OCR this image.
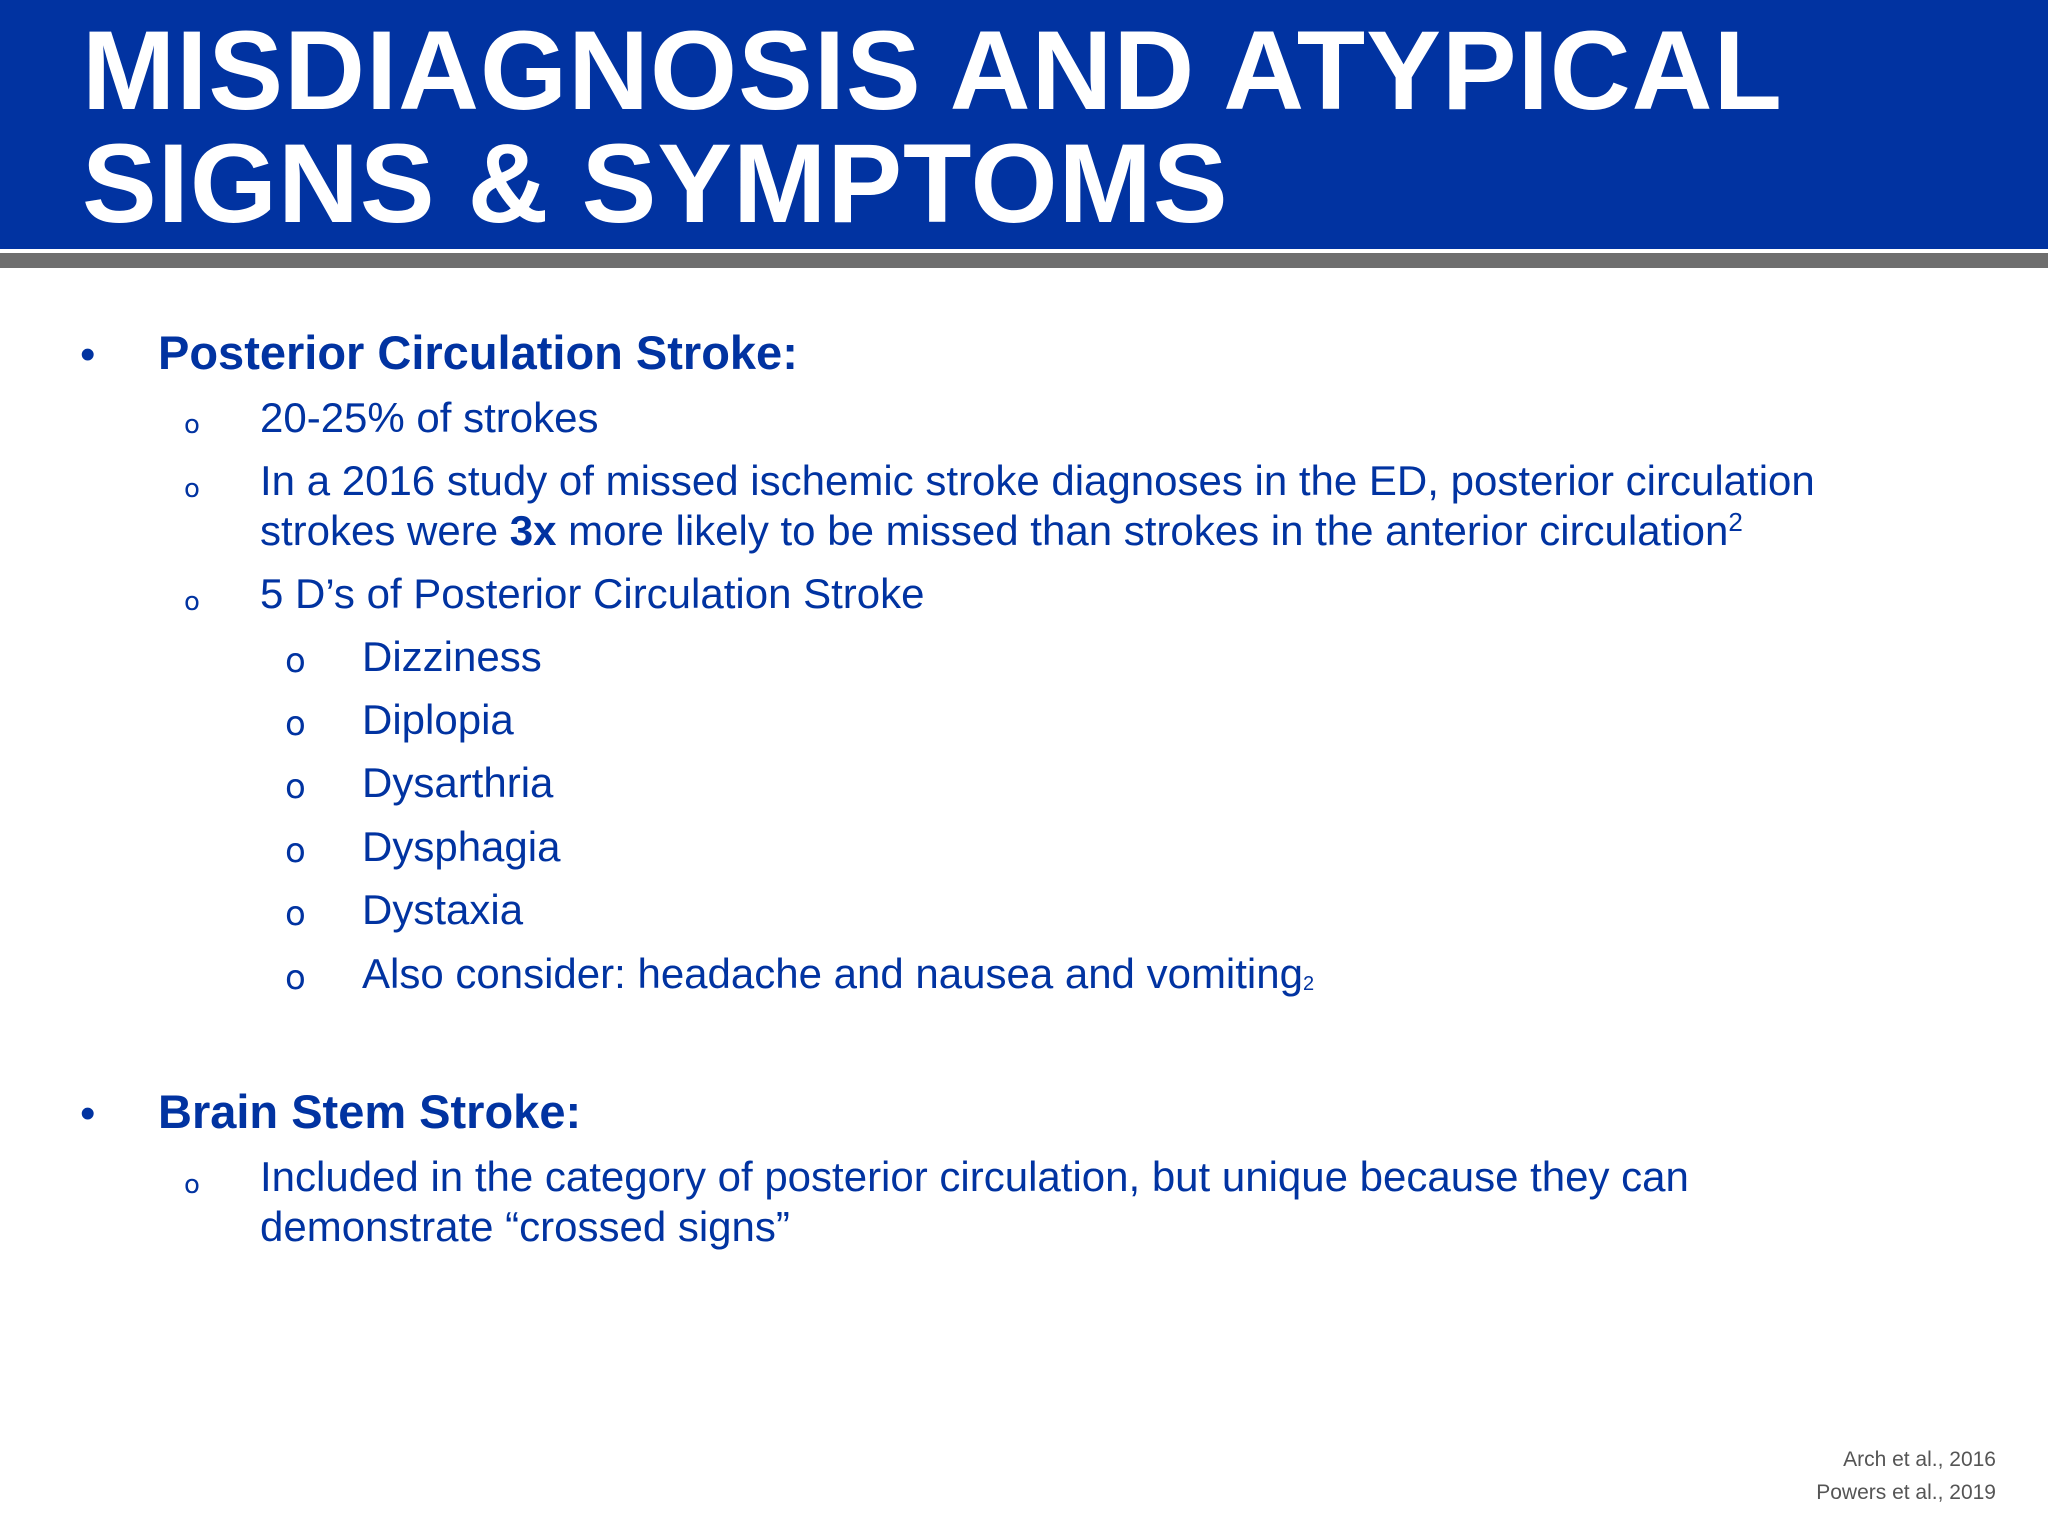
MISDIAGNOSIS AND ATYPICAL
SIGNS & SYMPTOMS
• Posterior Circulation Stroke:
o 20-25% of strokes
o In a 2016 study of missed ischemic stroke diagnoses in the ED, posterior circulation
strokes were 3x more likely to be missed than strokes in the anterior circulation$^2$
o 5 D’s of Posterior Circulation Stroke
o Dizziness
o Diplopia
o Dysarthria
o Dysphagia
o Dystaxia
o Also consider: headache and nausea and vomiting$_2$
• Brain Stem Stroke:
o Included in the category of posterior circulation, but unique because they can
demonstrate “crossed signs”
Arch et al., 2016
Powers et al., 2019
